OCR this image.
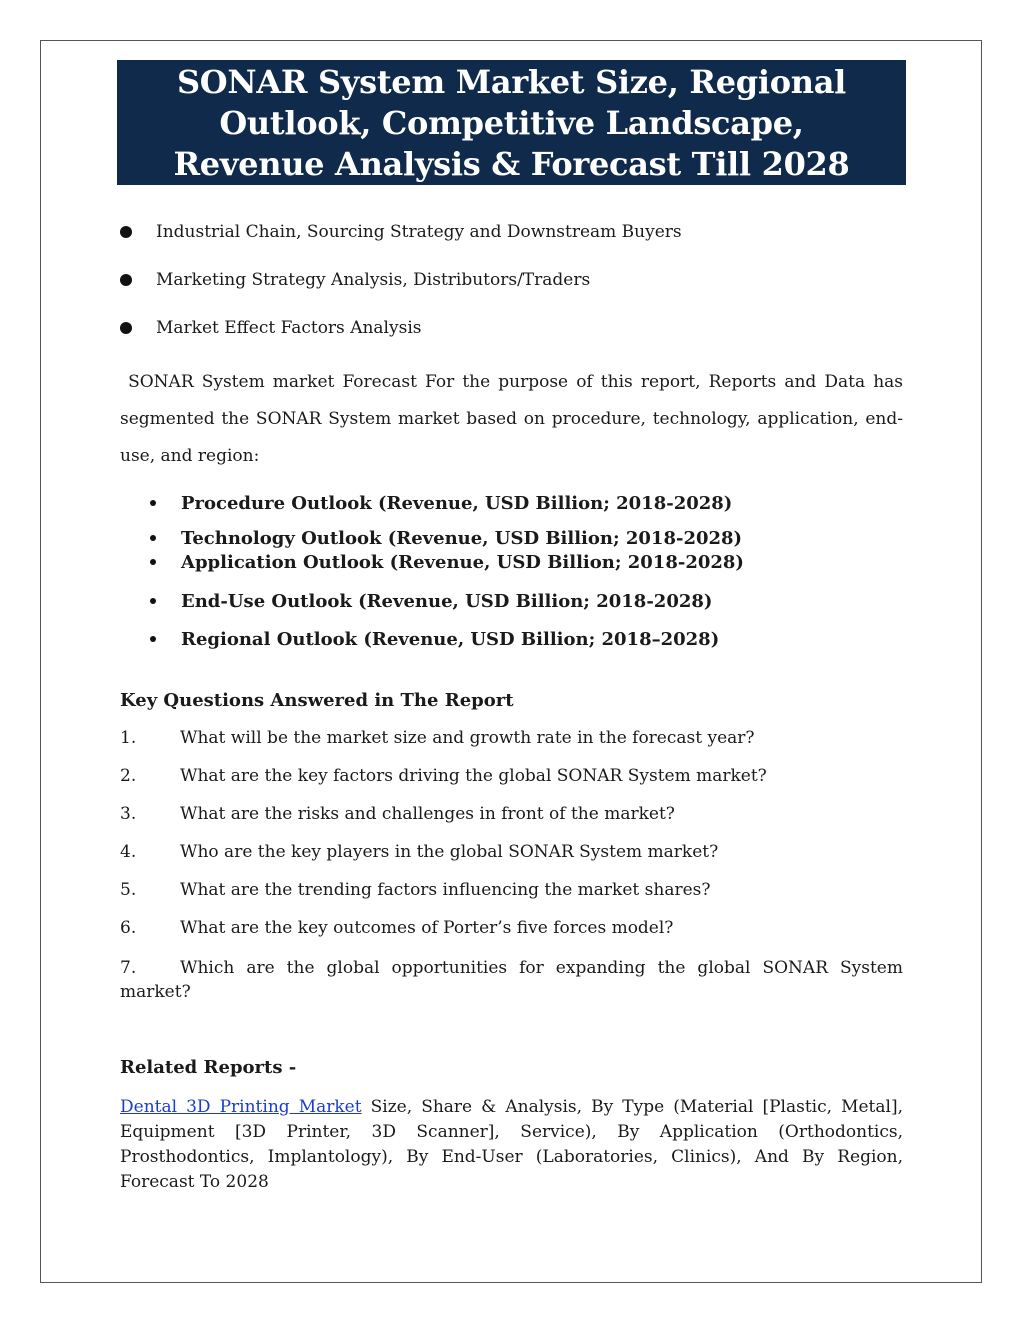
SONAR System Market Size, Regional
Outlook, Competitive Landscape,
Revenue Analysis & Forecast Till 2028
Industrial Chain, Sourcing Strategy and Downstream Buyers
Marketing Strategy Analysis, Distributors/Traders
Market Effect Factors Analysis
SONAR System market Forecast For the purpose of this report, Reports and Data has segmented the SONAR System market based on procedure, technology, application, end-use, and region:
Procedure Outlook (Revenue, USD Billion; 2018-2028)
Technology Outlook (Revenue, USD Billion; 2018-2028)
Application Outlook (Revenue, USD Billion; 2018-2028)
End-Use Outlook (Revenue, USD Billion; 2018-2028)
Regional Outlook (Revenue, USD Billion; 2018–2028)
Key Questions Answered in The Report
1.	What will be the market size and growth rate in the forecast year?
2.	What are the key factors driving the global SONAR System market?
3.	What are the risks and challenges in front of the market?
4.	Who are the key players in the global SONAR System market?
5.	What are the trending factors influencing the market shares?
6.	What are the key outcomes of Porter’s five forces model?
7.	Which are the global opportunities for expanding the global SONAR System
market?
Related Reports -
Dental 3D Printing Market Size, Share & Analysis, By Type (Material [Plastic, Metal], Equipment [3D Printer, 3D Scanner], Service), By Application (Orthodontics, Prosthodontics, Implantology), By End-User (Laboratories, Clinics), And By Region, Forecast To 2028
